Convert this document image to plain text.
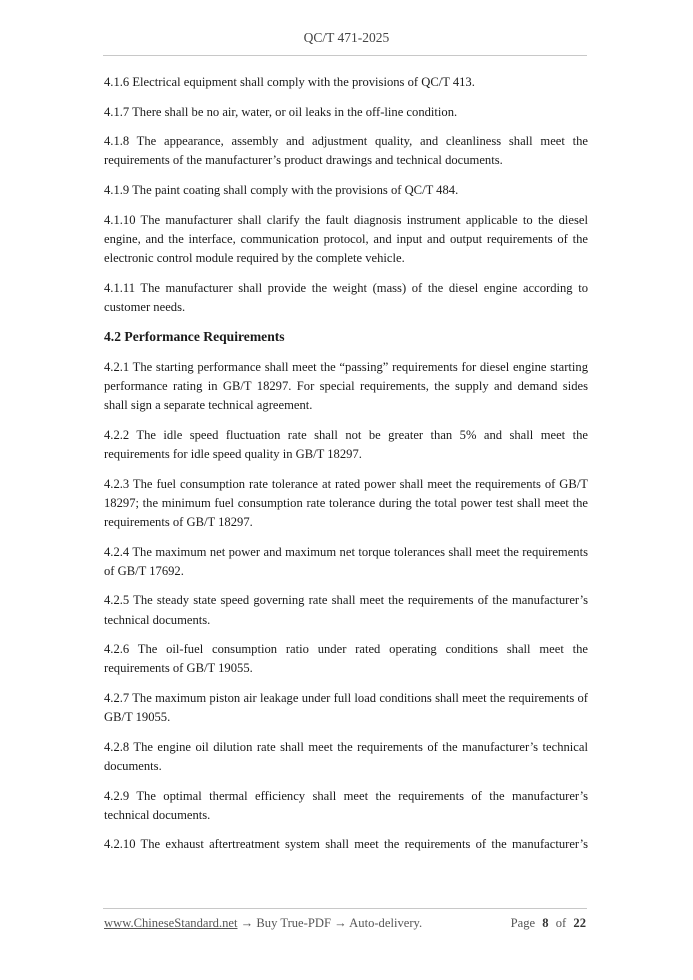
QC/T 471-2025

4.1.6 Electrical equipment shall comply with the provisions of QC/T 413.

4.1.7 There shall be no air, water, or oil leaks in the off-line condition.

4.1.8 The appearance, assembly and adjustment quality, and cleanliness shall meet the requirements of the manufacturer’s product drawings and technical documents.

4.1.9 The paint coating shall comply with the provisions of QC/T 484.

4.1.10 The manufacturer shall clarify the fault diagnosis instrument applicable to the diesel engine, and the interface, communication protocol, and input and output requirements of the electronic control module required by the complete vehicle.

4.1.11 The manufacturer shall provide the weight (mass) of the diesel engine according to customer needs.

4.2 Performance Requirements

4.2.1 The starting performance shall meet the “passing” requirements for diesel engine starting performance rating in GB/T 18297. For special requirements, the supply and demand sides shall sign a separate technical agreement.

4.2.2 The idle speed fluctuation rate shall not be greater than 5% and shall meet the requirements for idle speed quality in GB/T 18297.

4.2.3 The fuel consumption rate tolerance at rated power shall meet the requirements of GB/T 18297; the minimum fuel consumption rate tolerance during the total power test shall meet the requirements of GB/T 18297.

4.2.4 The maximum net power and maximum net torque tolerances shall meet the requirements of GB/T 17692.

4.2.5 The steady state speed governing rate shall meet the requirements of the manufacturer’s technical documents.

4.2.6 The oil-fuel consumption ratio under rated operating conditions shall meet the requirements of GB/T 19055.

4.2.7 The maximum piston air leakage under full load conditions shall meet the requirements of GB/T 19055.

4.2.8 The engine oil dilution rate shall meet the requirements of the manufacturer’s technical documents.

4.2.9 The optimal thermal efficiency shall meet the requirements of the manufacturer’s technical documents.

4.2.10 The exhaust aftertreatment system shall meet the requirements of the manufacturer’s

www.ChineseStandard.net → Buy True-PDF → Auto-delivery.	Page 8 of 22
